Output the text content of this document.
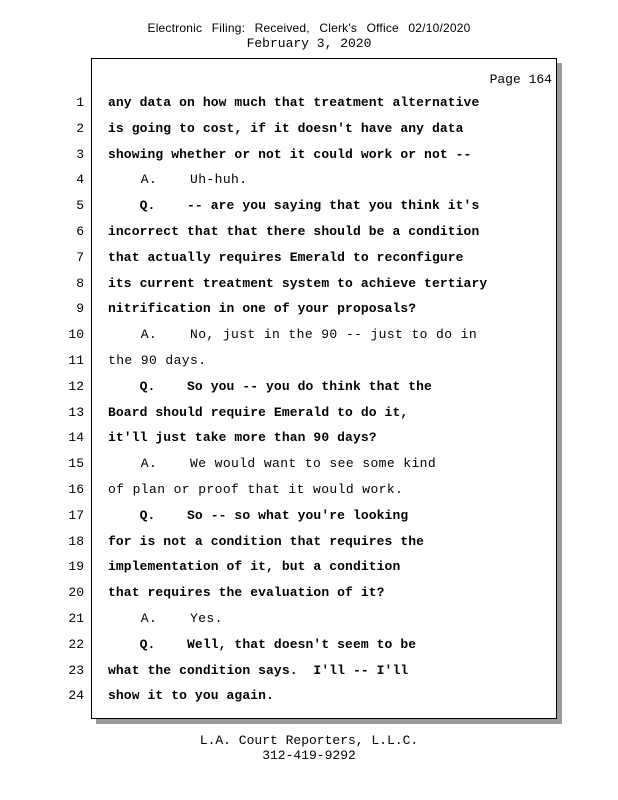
Electronic Filing: Received, Clerk's Office 02/10/2020
February 3, 2020
Page 164
1 any data on how much that treatment alternative
2 is going to cost, if it doesn't have any data
3 showing whether or not it could work or not --
4 A.    Uh-huh.
5 Q.    -- are you saying that you think it's
6 incorrect that that there should be a condition
7 that actually requires Emerald to reconfigure
8 its current treatment system to achieve tertiary
9 nitrification in one of your proposals?
10 A.    No, just in the 90 -- just to do in
11 the 90 days.
12 Q.    So you -- you do think that the
13 Board should require Emerald to do it,
14 it'll just take more than 90 days?
15 A.    We would want to see some kind
16 of plan or proof that it would work.
17 Q.    So -- so what you're looking
18 for is not a condition that requires the
19 implementation of it, but a condition
20 that requires the evaluation of it?
21 A.    Yes.
22 Q.    Well, that doesn't seem to be
23 what the condition says.  I'll -- I'll
24 show it to you again.
L.A. Court Reporters, L.L.C.
312-419-9292
